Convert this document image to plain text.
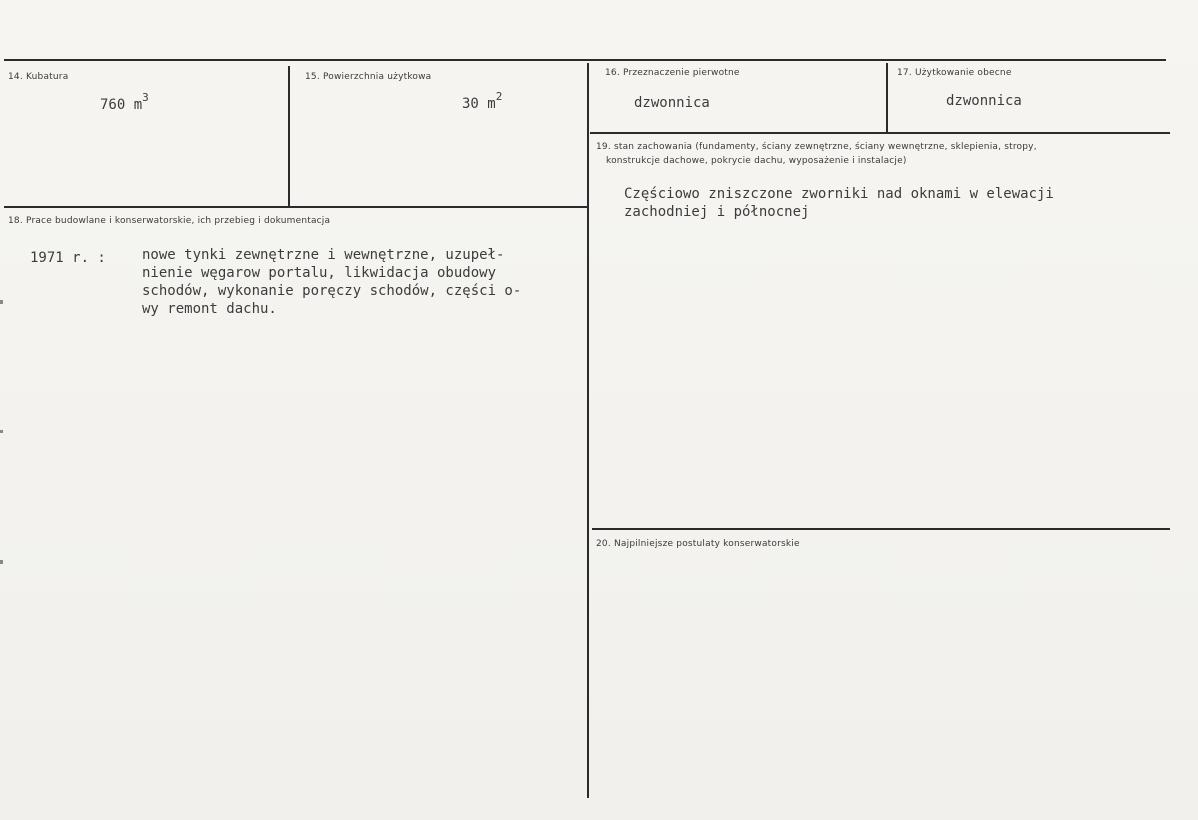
14. Kubatura
760 $m^3$
15. Powierzchnia użytkowa
30 $m^2$
16. Przeznaczenie pierwotne
dzwonnica
17. Użytkowanie obecne
dzwonnica
18. Prace budowlane i konserwatorskie, ich przebieg i dokumentacja
1971 r. :	nowe tynki zewnętrzne i wewnętrzne, uzupeł-
nienie węgarow portalu, likwidacja obudowy
schodów, wykonanie poręczy schodów, części o-
wy remont dachu.
19. stan zachowania (fundamenty, ściany zewnętrzne, ściany wewnętrzne, sklepienia, stropy,
konstrukcje dachowe, pokrycie dachu, wyposażenie i instalacje)
Częściowo zniszczone zworniki nad oknami w elewacji
zachodniej i północnej
20. Najpilniejsze postulaty konserwatorskie
